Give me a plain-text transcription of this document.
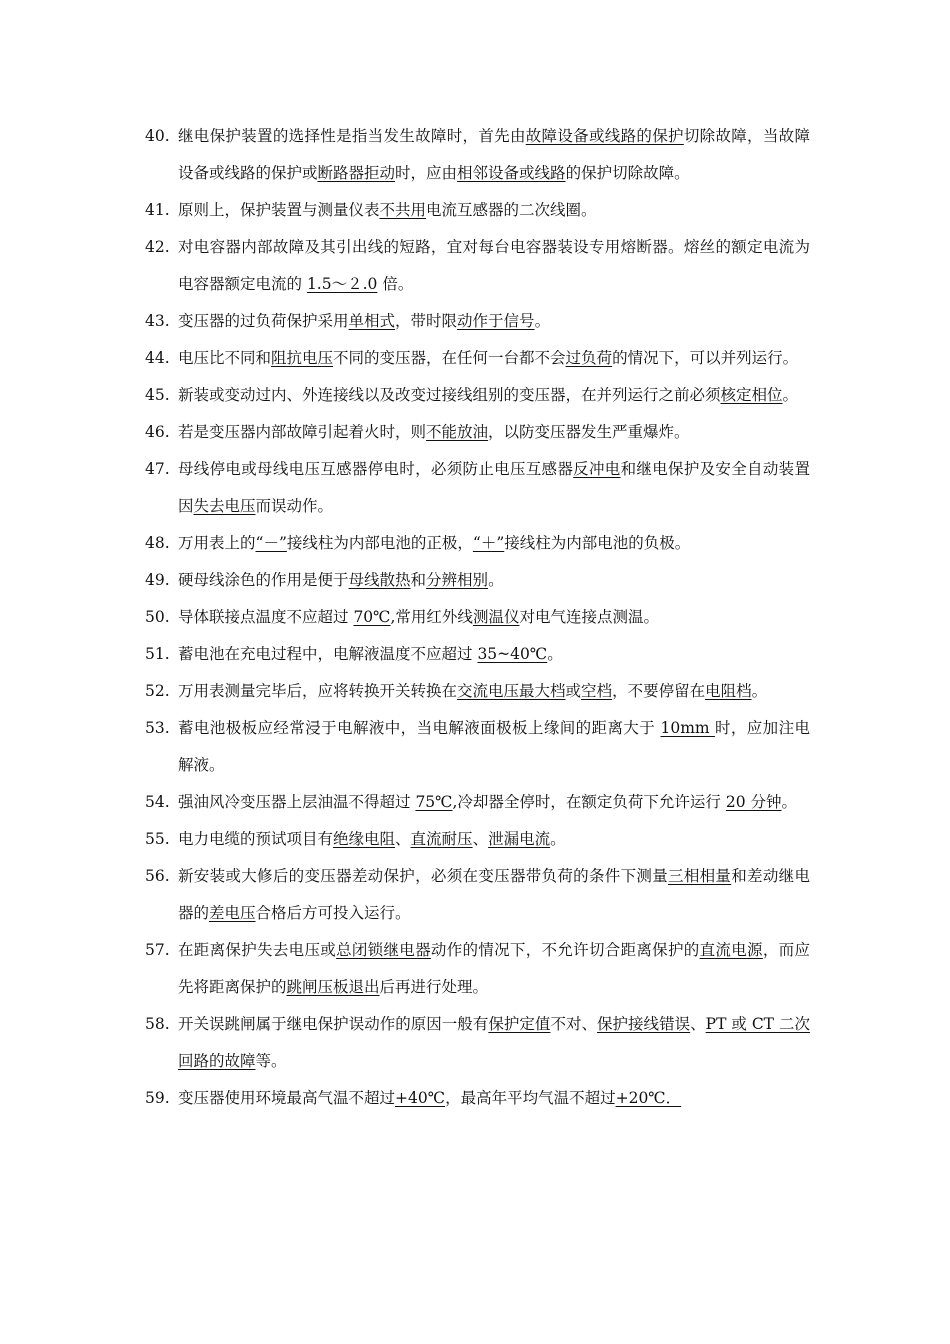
40. 继电保护装置的选择性是指当发生故障时，首先由故障设备或线路的保护切除故障，当故障设备或线路的保护或断路器拒动时，应由相邻设备或线路的保护切除故障。

41. 原则上，保护装置与测量仪表不共用电流互感器的二次线圈。

42. 对电容器内部故障及其引出线的短路，宜对每台电容器装设专用熔断器。熔丝的额定电流为电容器额定电流的 1.5～２.0 倍。

43. 变压器的过负荷保护采用单相式，带时限动作于信号。

44. 电压比不同和阻抗电压不同的变压器，在任何一台都不会过负荷的情况下，可以并列运行。

45. 新装或变动过内、外连接线以及改变过接线组别的变压器，在并列运行之前必须核定相位。

46. 若是变压器内部故障引起着火时，则不能放油，以防变压器发生严重爆炸。

47. 母线停电或母线电压互感器停电时，必须防止电压互感器反冲电和继电保护及安全自动装置因失去电压而误动作。

48. 万用表上的“－”接线柱为内部电池的正极，“＋”接线柱为内部电池的负极。

49. 硬母线涂色的作用是便于母线散热和分辨相别。

50. 导体联接点温度不应超过 70℃,常用红外线测温仪对电气连接点测温。

51. 蓄电池在充电过程中，电解液温度不应超过 35~40℃。

52. 万用表测量完毕后，应将转换开关转换在交流电压最大档或空档，不要停留在电阻档。

53. 蓄电池极板应经常浸于电解液中，当电解液面极板上缘间的距离大于 10mm 时，应加注电解液。

54. 强油风冷变压器上层油温不得超过 75℃,冷却器全停时，在额定负荷下允许运行 20 分钟。

55. 电力电缆的预试项目有绝缘电阻、直流耐压、泄漏电流。

56. 新安装或大修后的变压器差动保护，必须在变压器带负荷的条件下测量三相相量和差动继电器的差电压合格后方可投入运行。

57. 在距离保护失去电压或总闭锁继电器动作的情况下，不允许切合距离保护的直流电源，而应先将距离保护的跳闸压板退出后再进行处理。

58. 开关误跳闸属于继电保护误动作的原因一般有保护定值不对、保护接线错误、PT 或 CT 二次回路的故障等。

59. 变压器使用环境最高气温不超过+40℃，最高年平均气温不超过+20℃．
